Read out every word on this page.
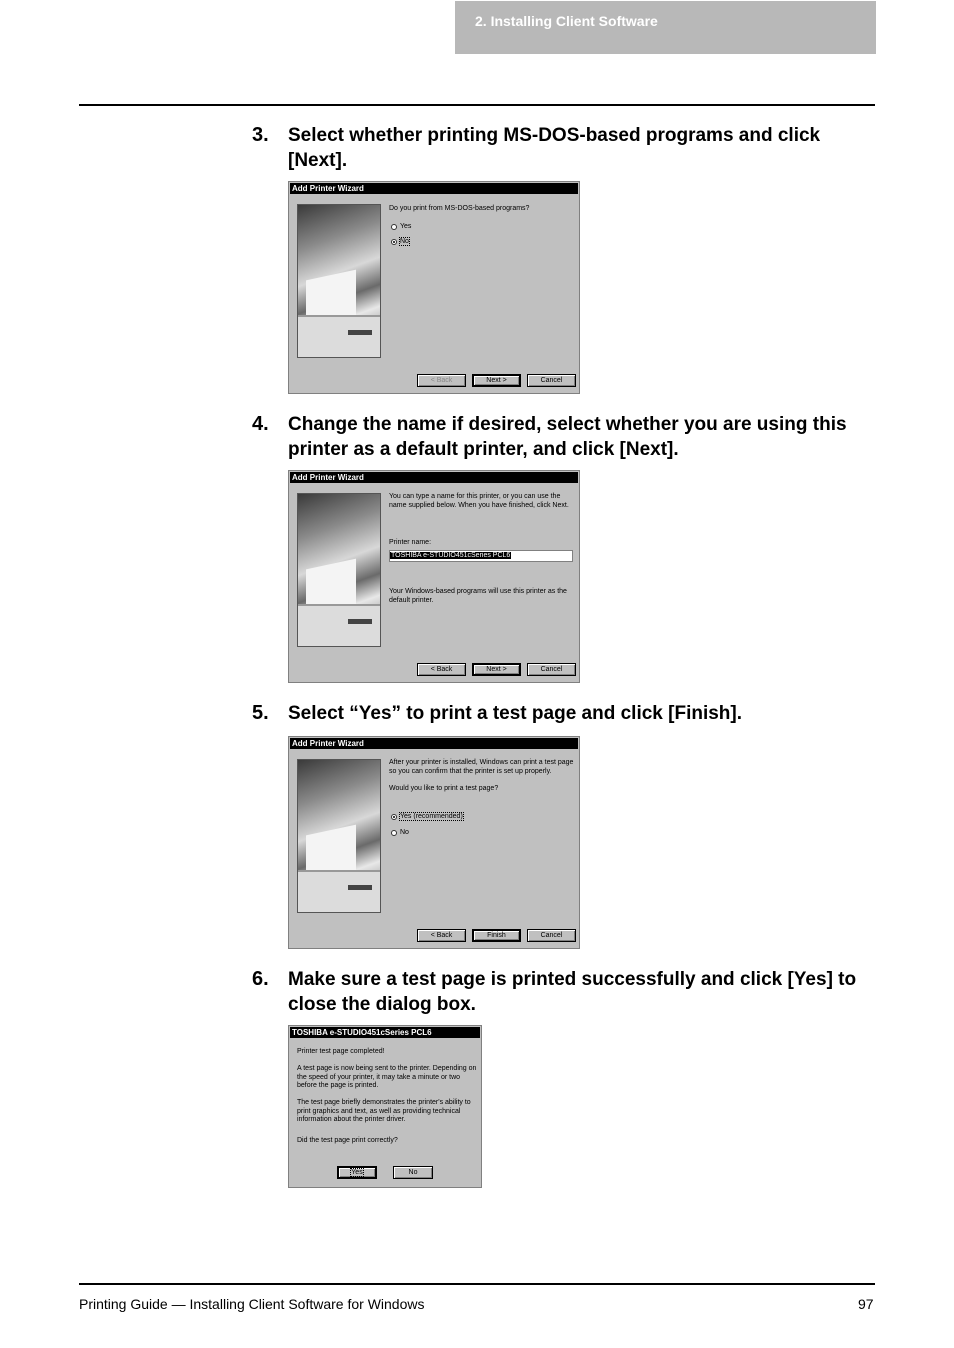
2. Installing Client Software
3. Select whether printing MS-DOS-based programs and click [Next].
Add Printer Wizard
Do you print from MS-DOS-based programs?
Yes
No
< Back	Next >	Cancel
4. Change the name if desired, select whether you are using this printer as a default printer, and click [Next].
Add Printer Wizard
You can type a name for this printer, or you can use the name supplied below. When you have finished, click Next.
Printer name:
TOSHIBA e-STUDIO451cSeries PCL6
Your Windows-based programs will use this printer as the default printer.
< Back	Next >	Cancel
5. Select “Yes” to print a test page and click [Finish].
Add Printer Wizard
After your printer is installed, Windows can print a test page so you can confirm that the printer is set up properly.
Would you like to print a test page?
Yes (recommended)
No
< Back	Finish	Cancel
6. Make sure a test page is printed successfully and click [Yes] to close the dialog box.
TOSHIBA e-STUDIO451cSeries PCL6
Printer test page completed!
A test page is now being sent to the printer. Depending on the speed of your printer, it may take a minute or two before the page is printed.
The test page briefly demonstrates the printer's ability to print graphics and text, as well as providing technical information about the printer driver.
Did the test page print correctly?
Yes	No
Printing Guide — Installing Client Software for Windows	97
